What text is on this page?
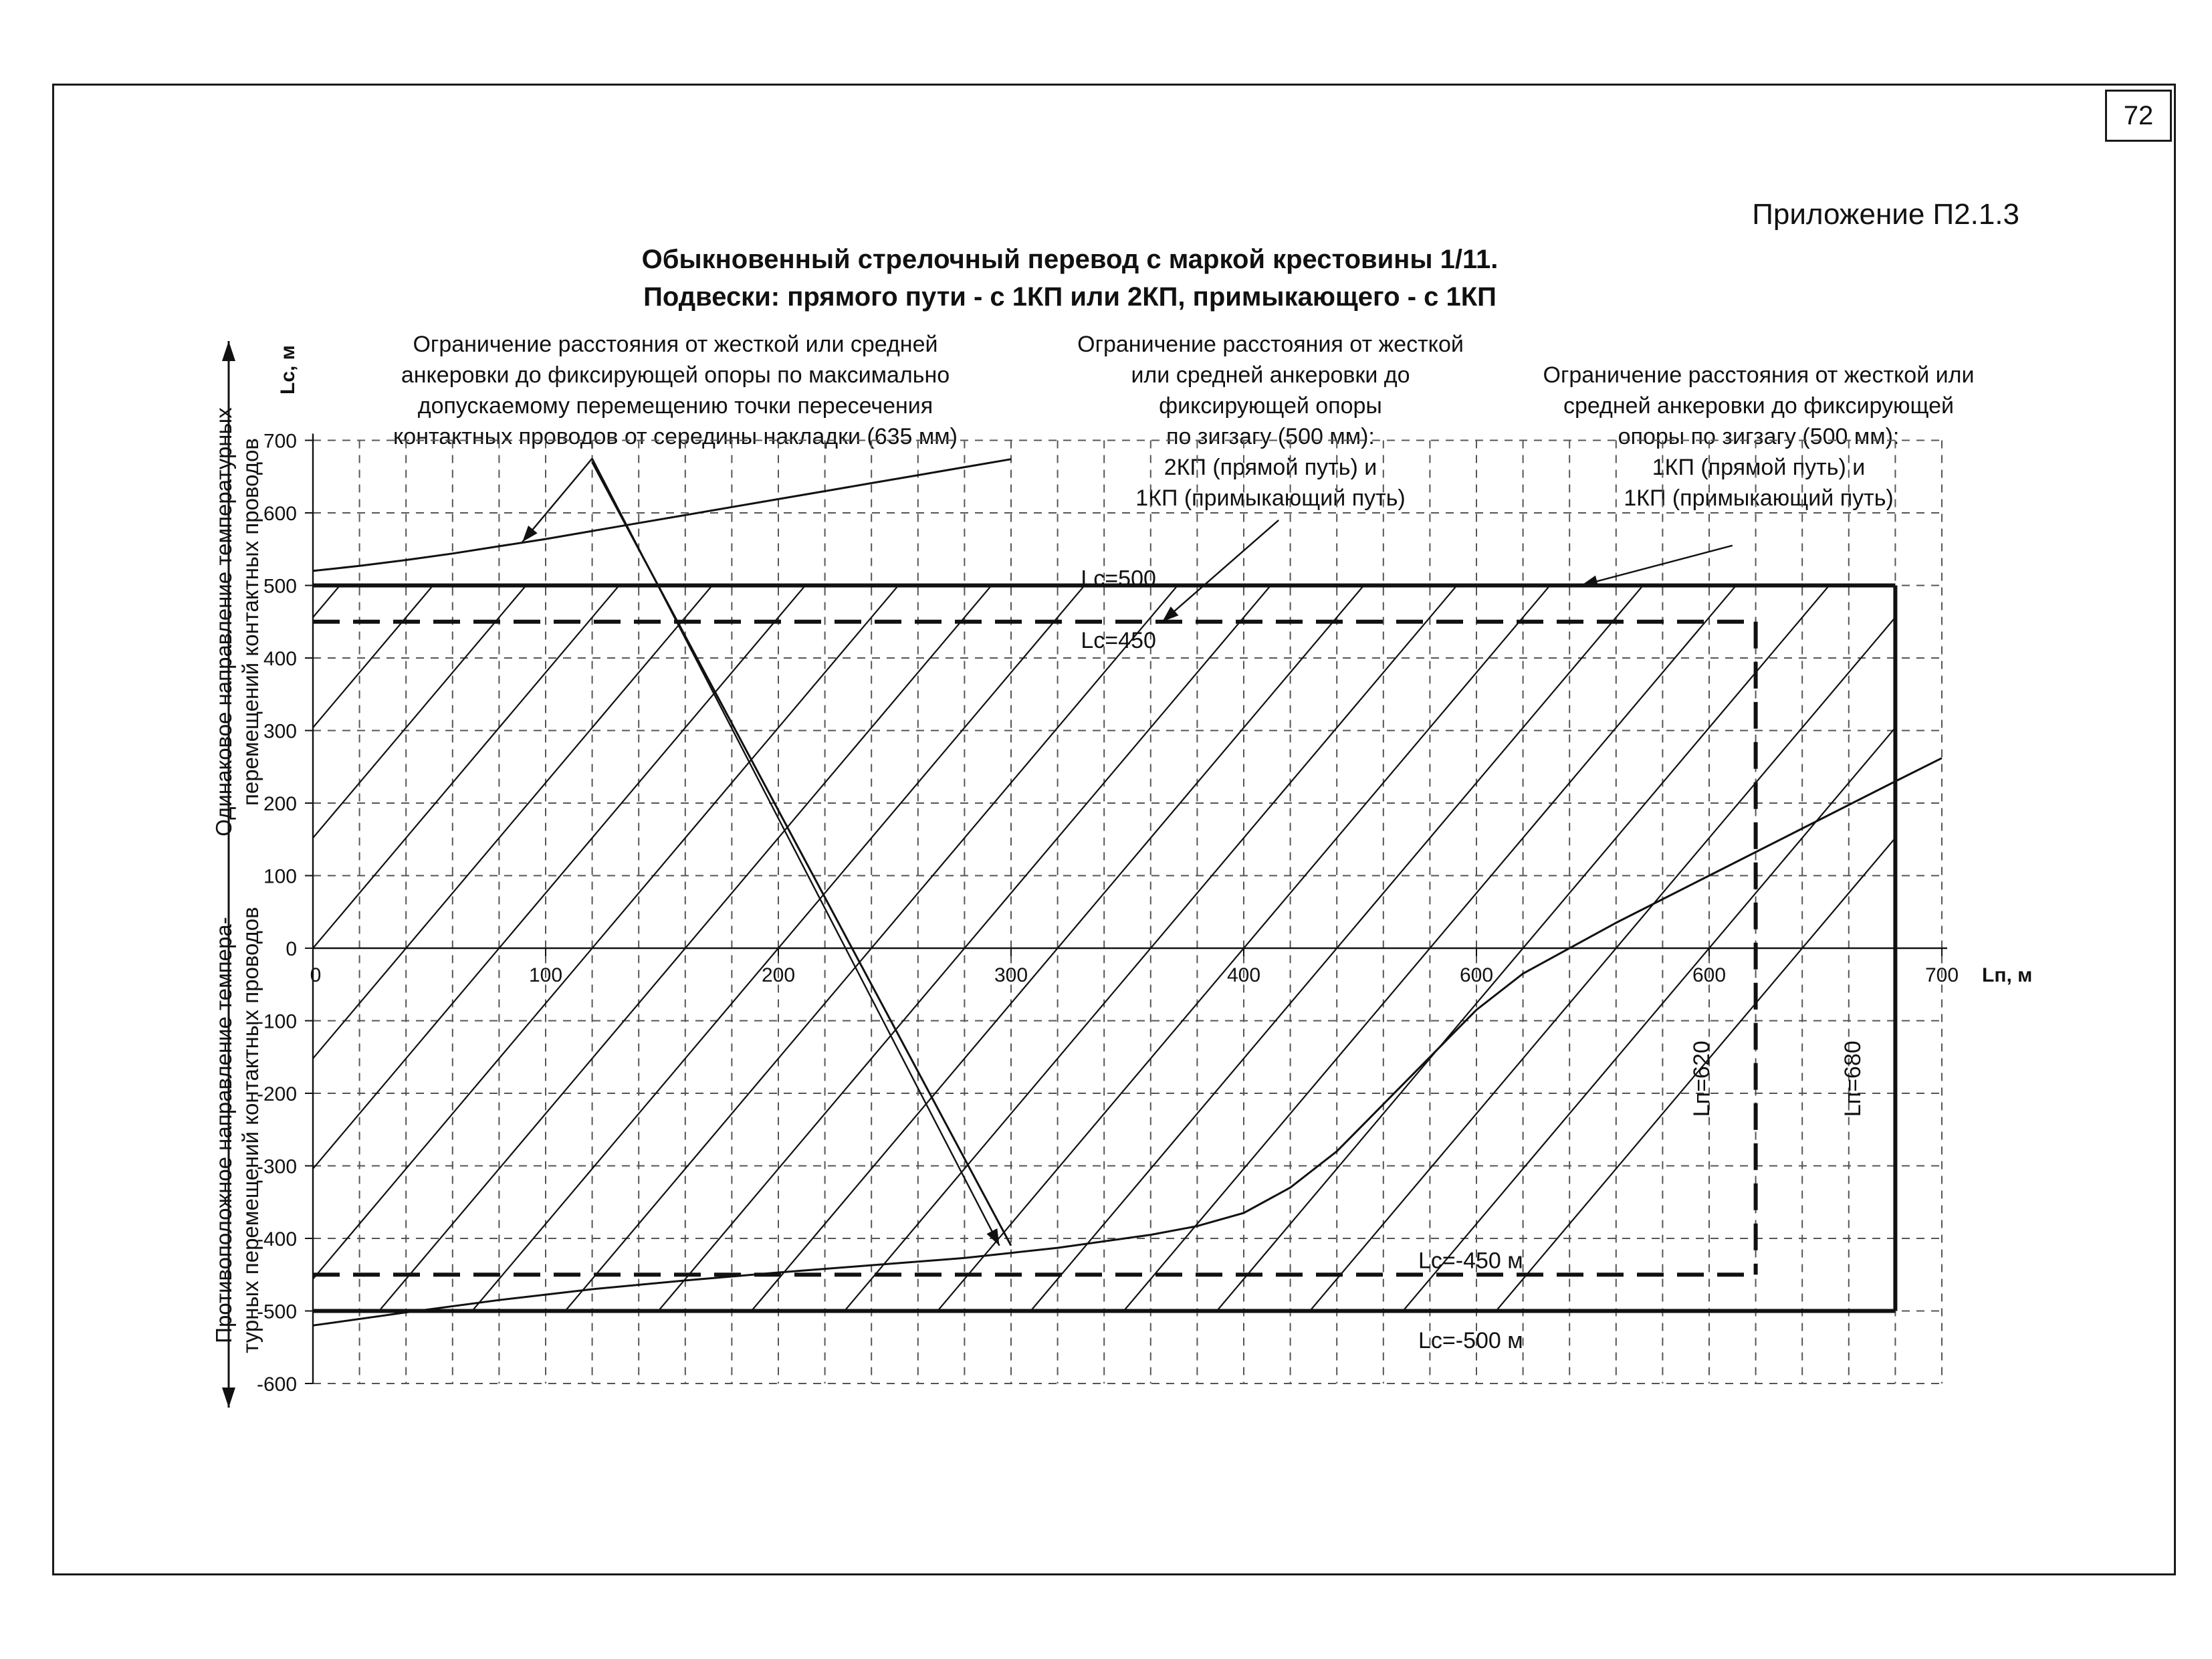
72
Приложение П2.1.3
Обыкновенный стрелочный перевод с маркой крестовины 1/11.
Подвески: прямого пути - с 1КП или 2КП, примыкающего - с 1КП
Ограничение расстояния от жесткой или средней
анкеровки до фиксирующей опоры по максимально
допускаемому перемещению точки пересечения
контактных проводов от середины накладки (635 мм)
Ограничение расстояния от жесткой
или средней анкеровки до
фиксирующей опоры
по зигзагу (500 мм):
2КП (прямой путь) и
1КП (примыкающий путь)
Ограничение расстояния от жесткой или
средней анкеровки до фиксирующей
опоры по зигзагу (500 мм):
1КП (прямой путь) и
1КП (примыкающий путь)
Одинаковое направление температурных перемещений контактных проводов
Противоположное направление темпера- турных перемещений контактных проводов
700
600
500
400
300
200
100
0
-100
-200
-300
-400
-500
-600
0	100	200	300	400	600	600	700 Lп, м
Lc, м
Lc=500
Lc=450
Lc=-450 м
Lc=-500 м
Lп=620	Lп=680
